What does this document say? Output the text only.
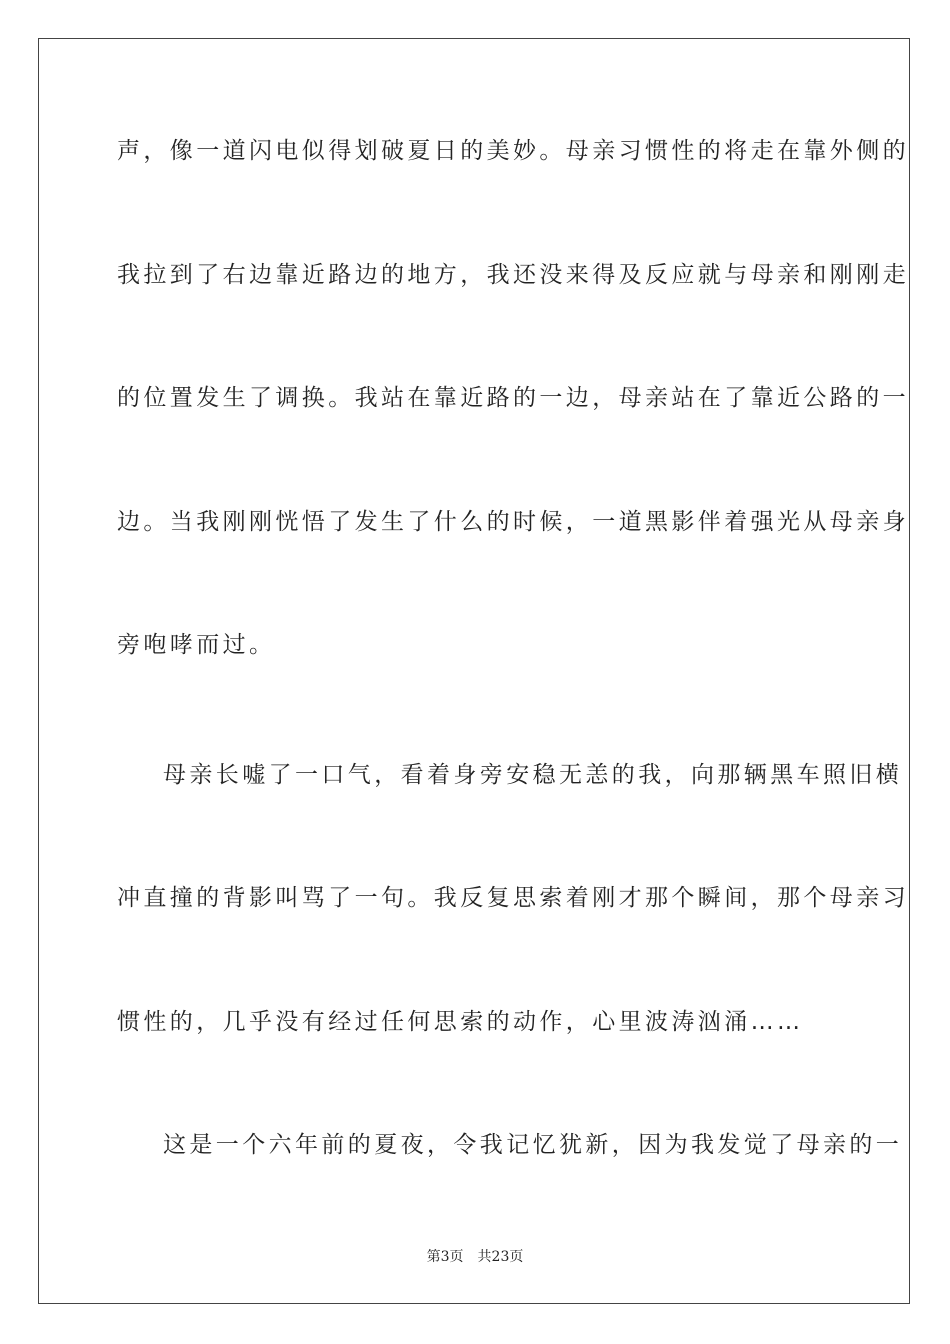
声，像一道闪电似得划破夏日的美妙。母亲习惯性的将走在靠外侧的
我拉到了右边靠近路边的地方，我还没来得及反应就与母亲和刚刚走
的位置发生了调换。我站在靠近路的一边，母亲站在了靠近公路的一
边。当我刚刚恍悟了发生了什么的时候，一道黑影伴着强光从母亲身
旁咆哮而过。
母亲长嘘了一口气，看着身旁安稳无恙的我，向那辆黑车照旧横
冲直撞的背影叫骂了一句。我反复思索着刚才那个瞬间，那个母亲习
惯性的，几乎没有经过任何思索的动作，心里波涛汹涌……
这是一个六年前的夏夜，令我记忆犹新，因为我发觉了母亲的一
第3页 共23页
